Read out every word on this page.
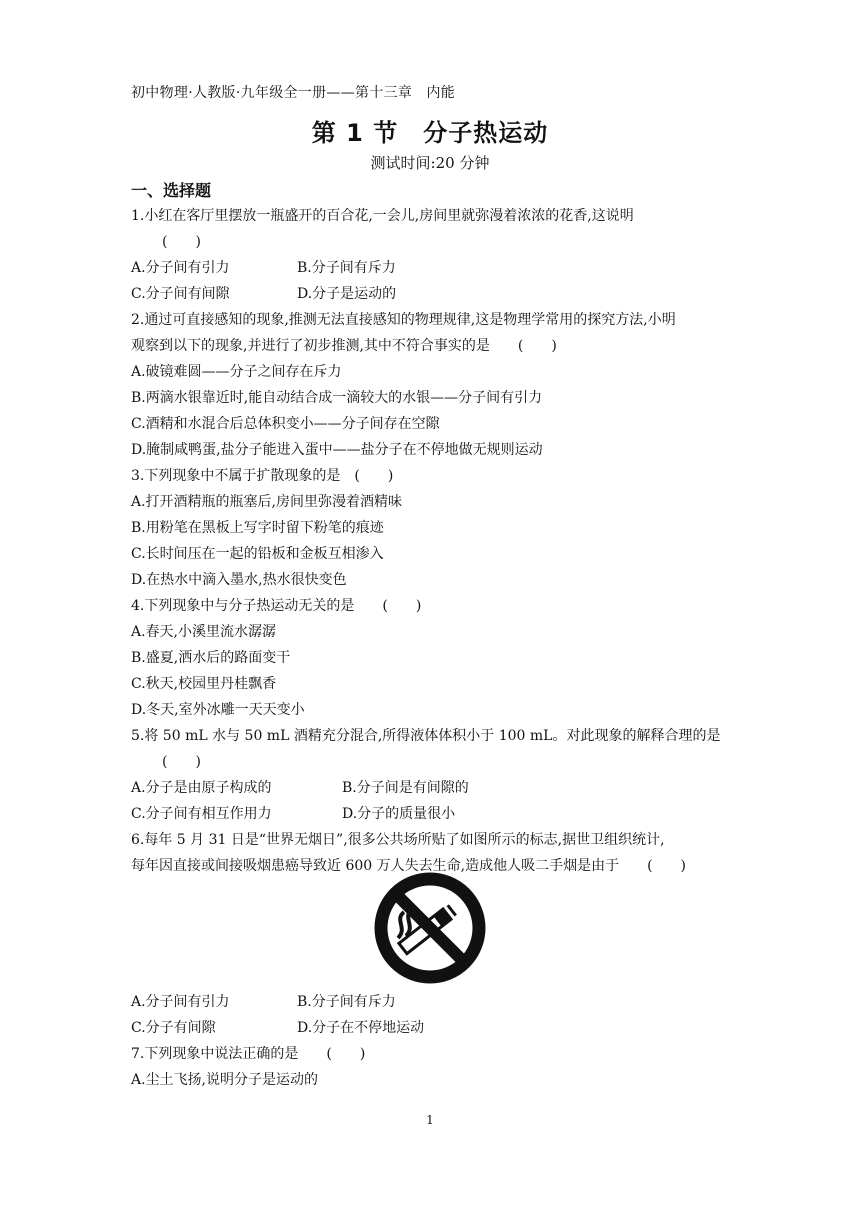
初中物理·人教版·九年级全一册——第十三章　内能
第 1 节　分子热运动
测试时间:20 分钟
一、选择题
1.小红在客厅里摆放一瓶盛开的百合花,一会儿,房间里就弥漫着浓浓的花香,这说明
(　　)
A.分子间有引力	B.分子间有斥力
C.分子间有间隙	D.分子是运动的
2.通过可直接感知的现象,推测无法直接感知的物理规律,这是物理学常用的探究方法,小明
观察到以下的现象,并进行了初步推测,其中不符合事实的是　　(　　)
A.破镜难圆——分子之间存在斥力
B.两滴水银靠近时,能自动结合成一滴较大的水银——分子间有引力
C.酒精和水混合后总体积变小——分子间存在空隙
D.腌制咸鸭蛋,盐分子能进入蛋中——盐分子在不停地做无规则运动
3.下列现象中不属于扩散现象的是　(　　)
A.打开酒精瓶的瓶塞后,房间里弥漫着酒精味
B.用粉笔在黑板上写字时留下粉笔的痕迹
C.长时间压在一起的铅板和金板互相渗入
D.在热水中滴入墨水,热水很快变色
4.下列现象中与分子热运动无关的是　　(　　)
A.春天,小溪里流水潺潺
B.盛夏,洒水后的路面变干
C.秋天,校园里丹桂飘香
D.冬天,室外冰雕一天天变小
5.将 50 mL 水与 50 mL 酒精充分混合,所得液体体积小于 100 mL。对此现象的解释合理的是
(　　)
A.分子是由原子构成的	B.分子间是有间隙的
C.分子间有相互作用力	D.分子的质量很小
6.每年 5 月 31 日是“世界无烟日”,很多公共场所贴了如图所示的标志,据世卫组织统计,
每年因直接或间接吸烟患癌导致近 600 万人失去生命,造成他人吸二手烟是由于　　(　　)
A.分子间有引力	B.分子间有斥力
C.分子有间隙	D.分子在不停地运动
7.下列现象中说法正确的是　　(　　)
A.尘土飞扬,说明分子是运动的
1
